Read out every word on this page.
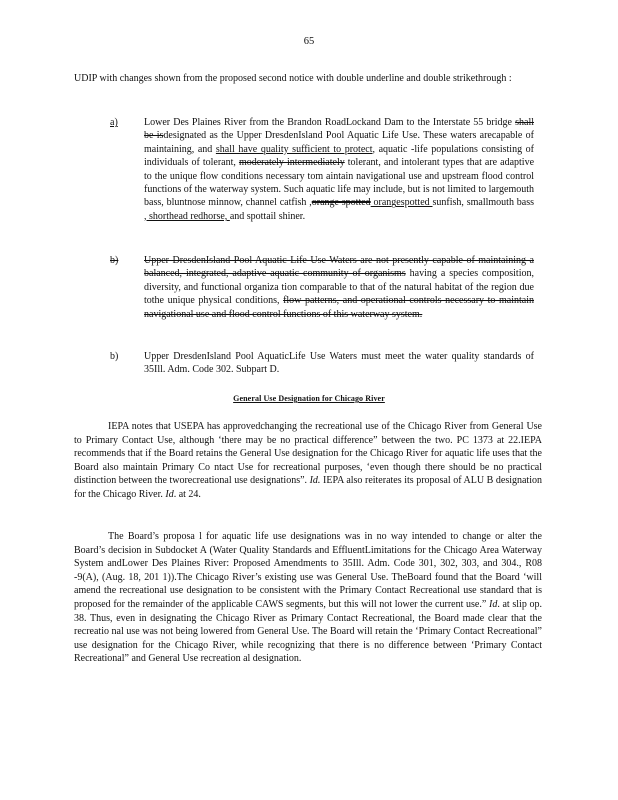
65
UDIP with changes shown from the proposed second notice with double underline and double strikethrough :
a)	Lower Des Plaines River from the Brandon RoadLockand Dam to the Interstate 55 bridge shall be isdesignated as the Upper DresdenIsland Pool Aquatic Life Use. These waters arecapable of maintaining, and shall have quality sufficient to protect, aquatic -life populations consisting of individuals of tolerant, moderately intermediately tolerant, and intolerant types that are adaptive to the unique flow conditions necessary tom aintain navigational use and upstream flood control functions of the waterway system. Such aquatic life may include, but is not limited to largemouth bass, bluntnose minnow, channel catfish ,orange spotted orangespotted sunfish, smallmouth bass , shorthead redhorse, and spottail shiner.
b)	Upper DresdenIsland Pool Aquatic Life Use Waters are not presently capable of maintaining a balanced, integrated, adaptive aquatic community of organisms having a species composition, diversity, and functional organiza tion comparable to that of the natural habitat of the region due tothe unique physical conditions, flow patterns, and operational controls necessary to maintain navigational use and flood control functions of this waterway system.
b)	Upper DresdenIsland Pool AquaticLife Use Waters must meet the water quality standards of 35Ill. Adm. Code 302. Subpart D.
General Use Designation for Chicago River
IEPA notes that USEPA has approvedchanging the recreational use of the Chicago River from General Use to Primary Contact Use, although ‘there may be no practical difference” between the two. PC 1373 at 22.IEPA recommends that if the Board retains the General Use designation for the Chicago River for aquatic life uses that the Board also maintain Primary Co ntact Use for recreational purposes, ‘even though there should be no practical distinction between the tworecreational use designations”. Id. IEPA also reiterates its proposal of ALU B designation for the Chicago River. Id. at 24.
The Board’s proposa l for aquatic life use designations was in no way intended to change or alter the Board’s decision in Subdocket A (Water Quality Standards and EffluentLimitations for the Chicago Area Waterway System andLower Des Plaines River: Proposed Amendments to 35Ill. Adm. Code 301, 302, 303, and 304., R08 -9(A), (Aug. 18, 201 1)).The Chicago River’s existing use was General Use. TheBoard found that the Board ‘will amend the recreational use designation to be consistent with the Primary Contact Recreational use standard that is proposed for the remainder of the applicable CAWS segments, but this will not lower the current use.” Id. at slip op. 38. Thus, even in designating the Chicago River as Primary Contact Recreational, the Board made clear that the recreatio nal use was not being lowered from General Use. The Board will retain the ‘Primary Contact Recreational” use designation for the Chicago River, while recognizing that there is no difference between ‘Primary Contact Recreational” and General Use recreation al designation.
